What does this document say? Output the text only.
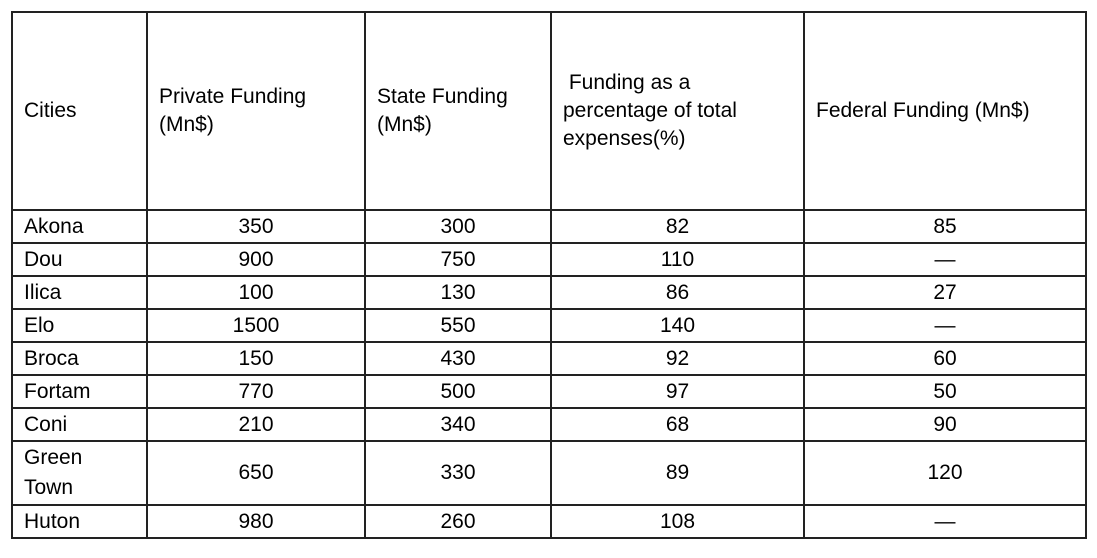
Cities	Private Funding (Mn$)	State Funding (Mn$)	Funding as a percentage of total expenses(%)	Federal Funding (Mn$)

Akona	350	300	82	85
Dou	900	750	110	—
Ilica	100	130	86	27
Elo	1500	550	140	—
Broca	150	430	92	60
Fortam	770	500	97	50
Coni	210	340	68	90

Green Town	650	330	89	120
Huton	980	260	108	—
